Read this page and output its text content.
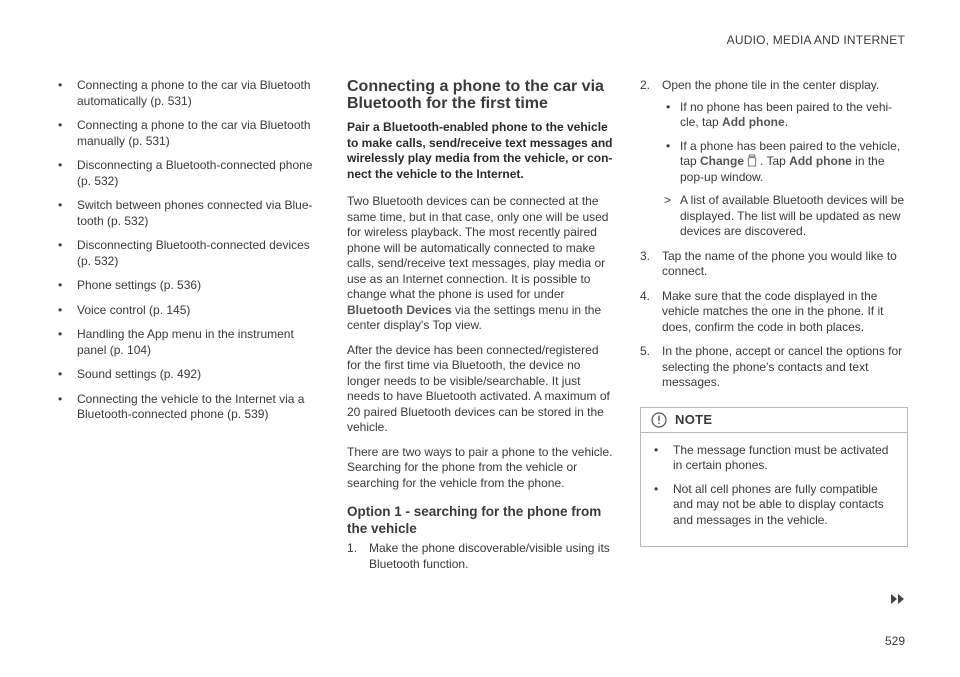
AUDIO, MEDIA AND INTERNET
• Connecting a phone to the car via Bluetooth automatically (p. 531)
• Connecting a phone to the car via Bluetooth manually (p. 531)
• Disconnecting a Bluetooth-connected phone (p. 532)
• Switch between phones connected via Blue-tooth (p. 532)
• Disconnecting Bluetooth-connected devices (p. 532)
• Phone settings (p. 536)
• Voice control (p. 145)
• Handling the App menu in the instrument panel (p. 104)
• Sound settings (p. 492)
• Connecting the vehicle to the Internet via a Bluetooth-connected phone (p. 539)
Connecting a phone to the car via Bluetooth for the first time

Pair a Bluetooth-enabled phone to the vehicle to make calls, send/receive text messages and wirelessly play media from the vehicle, or con-nect the vehicle to the Internet.

Two Bluetooth devices can be connected at the same time, but in that case, only one will be used for wireless playback. The most recently paired phone will be automatically connected to make calls, send/receive text messages, play media or use as an Internet connection. It is possible to change what the phone is used for under Bluetooth Devices via the settings menu in the center display's Top view.

After the device has been connected/registered for the first time via Bluetooth, the device no longer needs to be visible/searchable. It just needs to have Bluetooth activated. A maximum of 20 paired Bluetooth devices can be stored in the vehicle.

There are two ways to pair a phone to the vehicle. Searching for the phone from the vehicle or searching for the vehicle from the phone.

Option 1 - searching for the phone from the vehicle
1. Make the phone discoverable/visible using its Bluetooth function.
2. Open the phone tile in the center display.
• If no phone has been paired to the vehi-cle, tap Add phone.
• If a phone has been paired to the vehicle, tap Change . Tap Add phone in the pop-up window.
> A list of available Bluetooth devices will be displayed. The list will be updated as new devices are discovered.
3. Tap the name of the phone you would like to connect.
4. Make sure that the code displayed in the vehicle matches the one in the phone. If it does, confirm the code in both places.
5. In the phone, accept or cancel the options for selecting the phone's contacts and text messages.
NOTE
• The message function must be activated in certain phones.
• Not all cell phones are fully compatible and may not be able to display contacts and messages in the vehicle.
529
